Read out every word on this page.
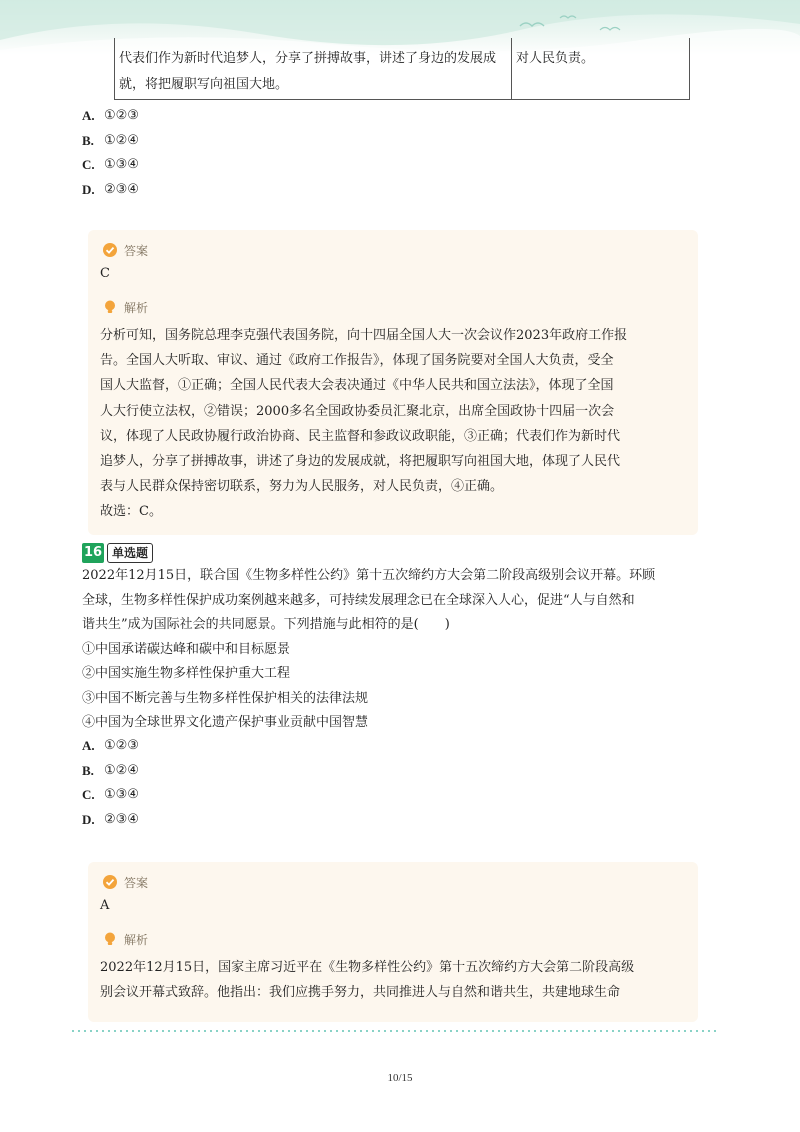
代表们作为新时代追梦人，分享了拼搏故事，讲述了身边的发展成就，将把履职写向祖国大地。	对人民负责。
A. ①②③
B. ①②④
C. ①③④
D. ②③④
答案
C
解析
分析可知，国务院总理李克强代表国务院，向十四届全国人大一次会议作2023年政府工作报
告。全国人大听取、审议、通过《政府工作报告》，体现了国务院要对全国人大负责，受全
国人大监督，①正确；全国人民代表大会表决通过《中华人民共和国立法法》，体现了全国
人大行使立法权，②错误；2000多名全国政协委员汇聚北京，出席全国政协十四届一次会
议，体现了人民政协履行政治协商、民主监督和参政议政职能，③正确；代表们作为新时代
追梦人，分享了拼搏故事，讲述了身边的发展成就，将把履职写向祖国大地，体现了人民代
表与人民群众保持密切联系，努力为人民服务，对人民负责，④正确。
故选：C。
16 单选题
2022年12月15日，联合国《生物多样性公约》第十五次缔约方大会第二阶段高级别会议开幕。环顾
全球，生物多样性保护成功案例越来越多，可持续发展理念已在全球深入人心，促进“人与自然和
谐共生”成为国际社会的共同愿景。下列措施与此相符的是(　　)
①中国承诺碳达峰和碳中和目标愿景
②中国实施生物多样性保护重大工程
③中国不断完善与生物多样性保护相关的法律法规
④中国为全球世界文化遗产保护事业贡献中国智慧
A. ①②③
B. ①②④
C. ①③④
D. ②③④
答案
A
解析
2022年12月15日，国家主席习近平在《生物多样性公约》第十五次缔约方大会第二阶段高级
别会议开幕式致辞。他指出：我们应携手努力，共同推进人与自然和谐共生，共建地球生命
10/15
